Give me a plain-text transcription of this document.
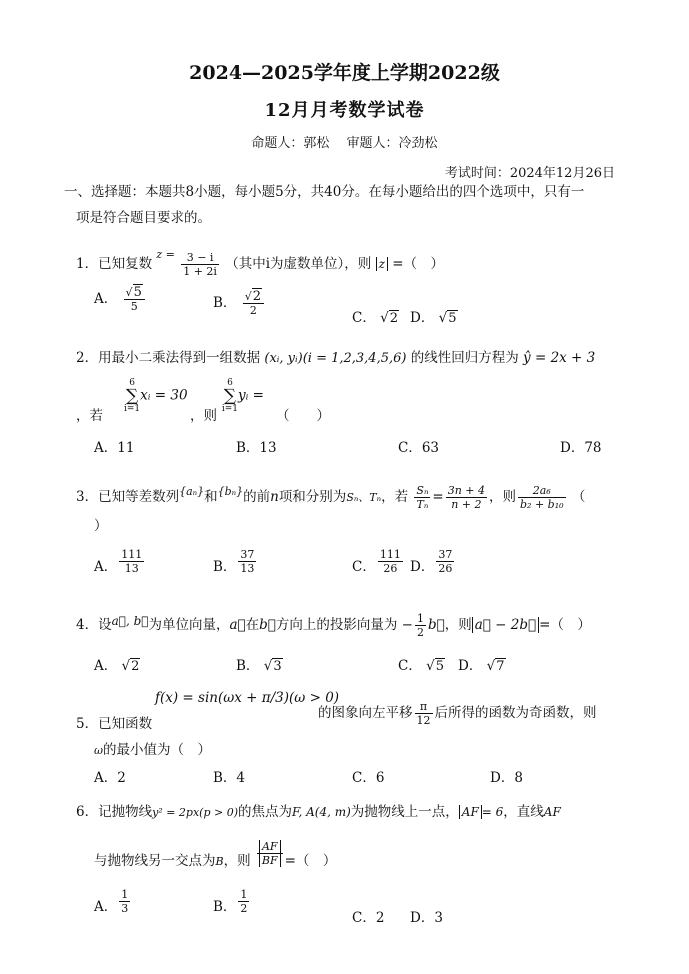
2024—2025学年度上学期2022级
12月月考数学试卷
命题人：郭松　 审题人：冷劲松
考试时间：2024年12月26日
一、选择题：本题共8小题，每小题5分，共40分。在每小题给出的四个选项中，只有一
项是符合题目要求的。
1．已知复数 $^{z =} \frac{3 - i}{1 + 2i}$ （其中i为虚数单位），则 z =（　）
A． $\frac{√5}{5}$	B． $\frac{√2}{2}$
C． √2 D． √5
2．用最小二乘法得到一组数据 (xᵢ, yᵢ)(i = 1,2,3,4,5,6) 的线性回归方程为 ŷ = 2x + 3
6
∑
i=1xᵢ = 30 6
∑
i=1yᵢ =
，若	，则	（　　）
A．11	B．13	C．63	D．78
3．已知等差数列$^{\{a_n\}}$和$^{\{b_n\}}$的前n项和分别为Sₙ、Tₙ，若 $\frac{\text{Sₙ}}{\text{Tₙ}} = \frac{3n + 4}{n + 2}$ ，则 $\frac{\text{2a₆}}{\text{b₂ + b₁₀}}$ （
）
A． $\frac{111}{13}$	B． $\frac{37}{13}$	C． $\frac{111}{26}$ D． $\frac{37}{26}$
4．设a⃗, b⃗为单位向量，a⃗在b⃗方向上的投影向量为 − $\frac{1}{2}$ b⃗，则 a⃗ − 2b⃗ =（　）
A． √2	B． √3	C． √5 D． √7
f(x) = sin(ωx + π/3)(ω > 0)
5．已知函数
的图象向左平移 $\frac{\pi}{12}$ 后所得的函数为奇函数，则
ω的最小值为（　）
A．2	B．4	C．6	D．8
6．记抛物线y² = 2px(p > 0)的焦点为F, A(4, m)为抛物线上一点， AF = 6，直线AF
与抛物线另一交点为$_B$，则 $\frac{AF}{BF}$ =（　）
A． $\frac{1}{3}$	B． $\frac{1}{2}$
C．2 D．3
